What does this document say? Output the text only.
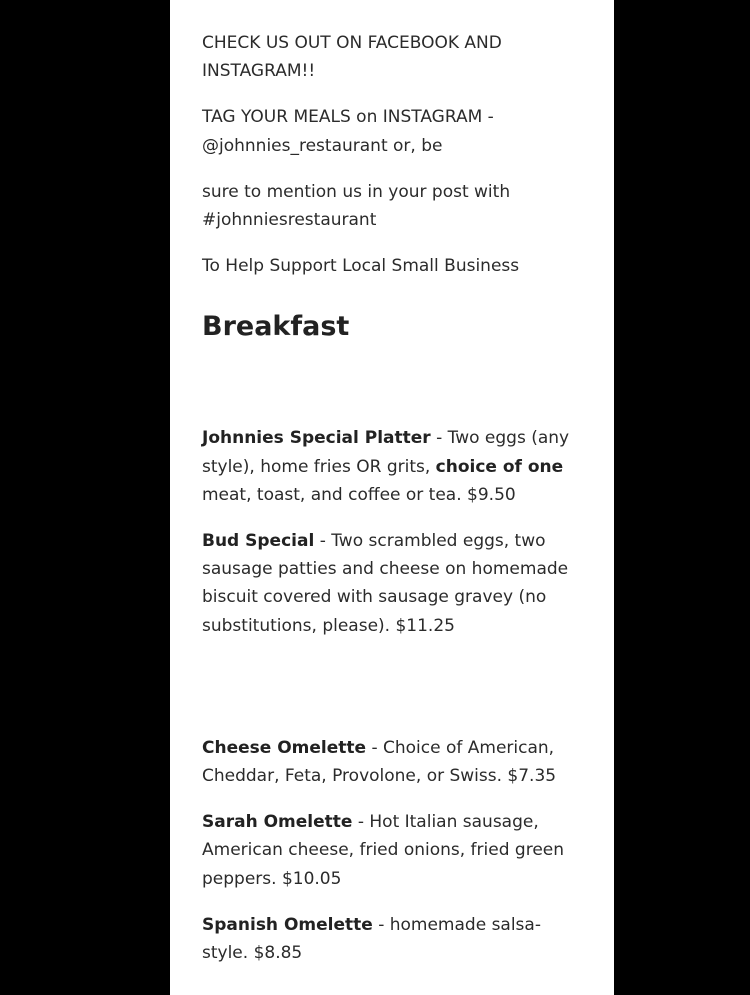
CHECK US OUT ON FACEBOOK AND INSTAGRAM!!

TAG YOUR MEALS on INSTAGRAM - @johnnies_restaurant or, be

sure to mention us in your post with #johnniesrestaurant

To Help Support Local Small Business

Breakfast

Johnnies Special Platter - Two eggs (any style), home fries OR grits, choice of one meat, toast, and coffee or tea. $9.50

Bud Special - Two scrambled eggs, two sausage patties and cheese on homemade biscuit covered with sausage gravey (no substitutions, please). $11.25

Cheese Omelette - Choice of American, Cheddar, Feta, Provolone, or Swiss. $7.35

Sarah Omelette - Hot Italian sausage, American cheese, fried onions, fried green peppers. $10.05

Spanish Omelette - homemade salsa-style. $8.85
